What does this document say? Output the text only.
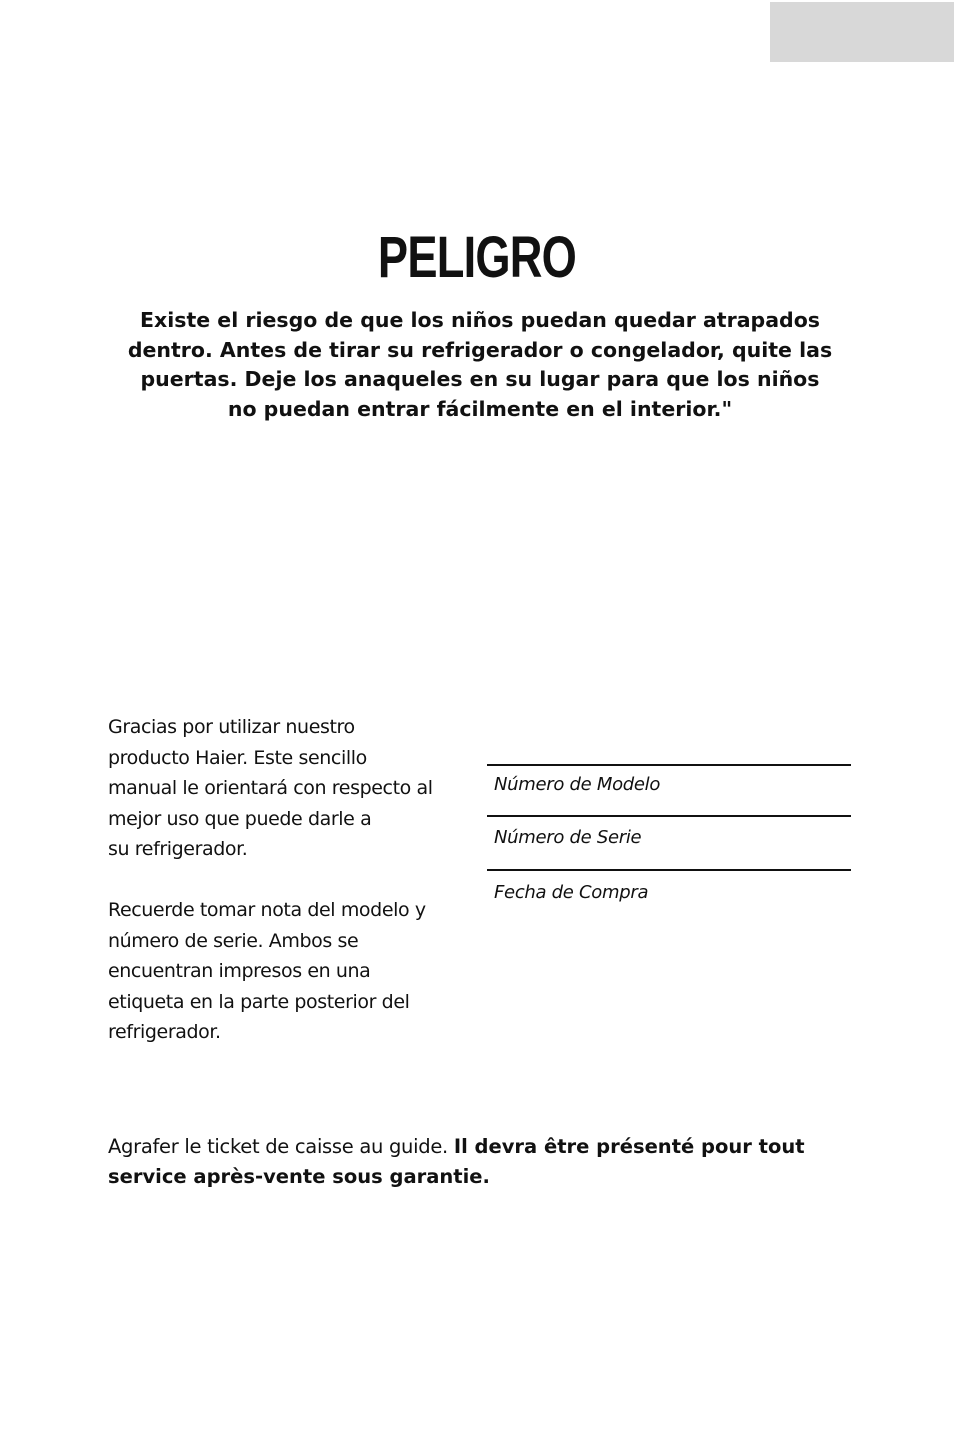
PELIGRO

Existe el riesgo de que los niños puedan quedar atrapados
dentro. Antes de tirar su refrigerador o congelador, quite las
puertas. Deje los anaqueles en su lugar para que los niños
no puedan entrar fácilmente en el interior."

Gracias por utilizar nuestro
producto Haier. Este sencillo
manual le orientará con respecto al
mejor uso que puede darle a
su refrigerador.

Recuerde tomar nota del modelo y
número de serie. Ambos se
encuentran impresos en una
etiqueta en la parte posterior del
refrigerador.

Número de Modelo
Número de Serie
Fecha de Compra

Agrafer le ticket de caisse au guide. Il devra être présenté pour tout
service après-vente sous garantie.
